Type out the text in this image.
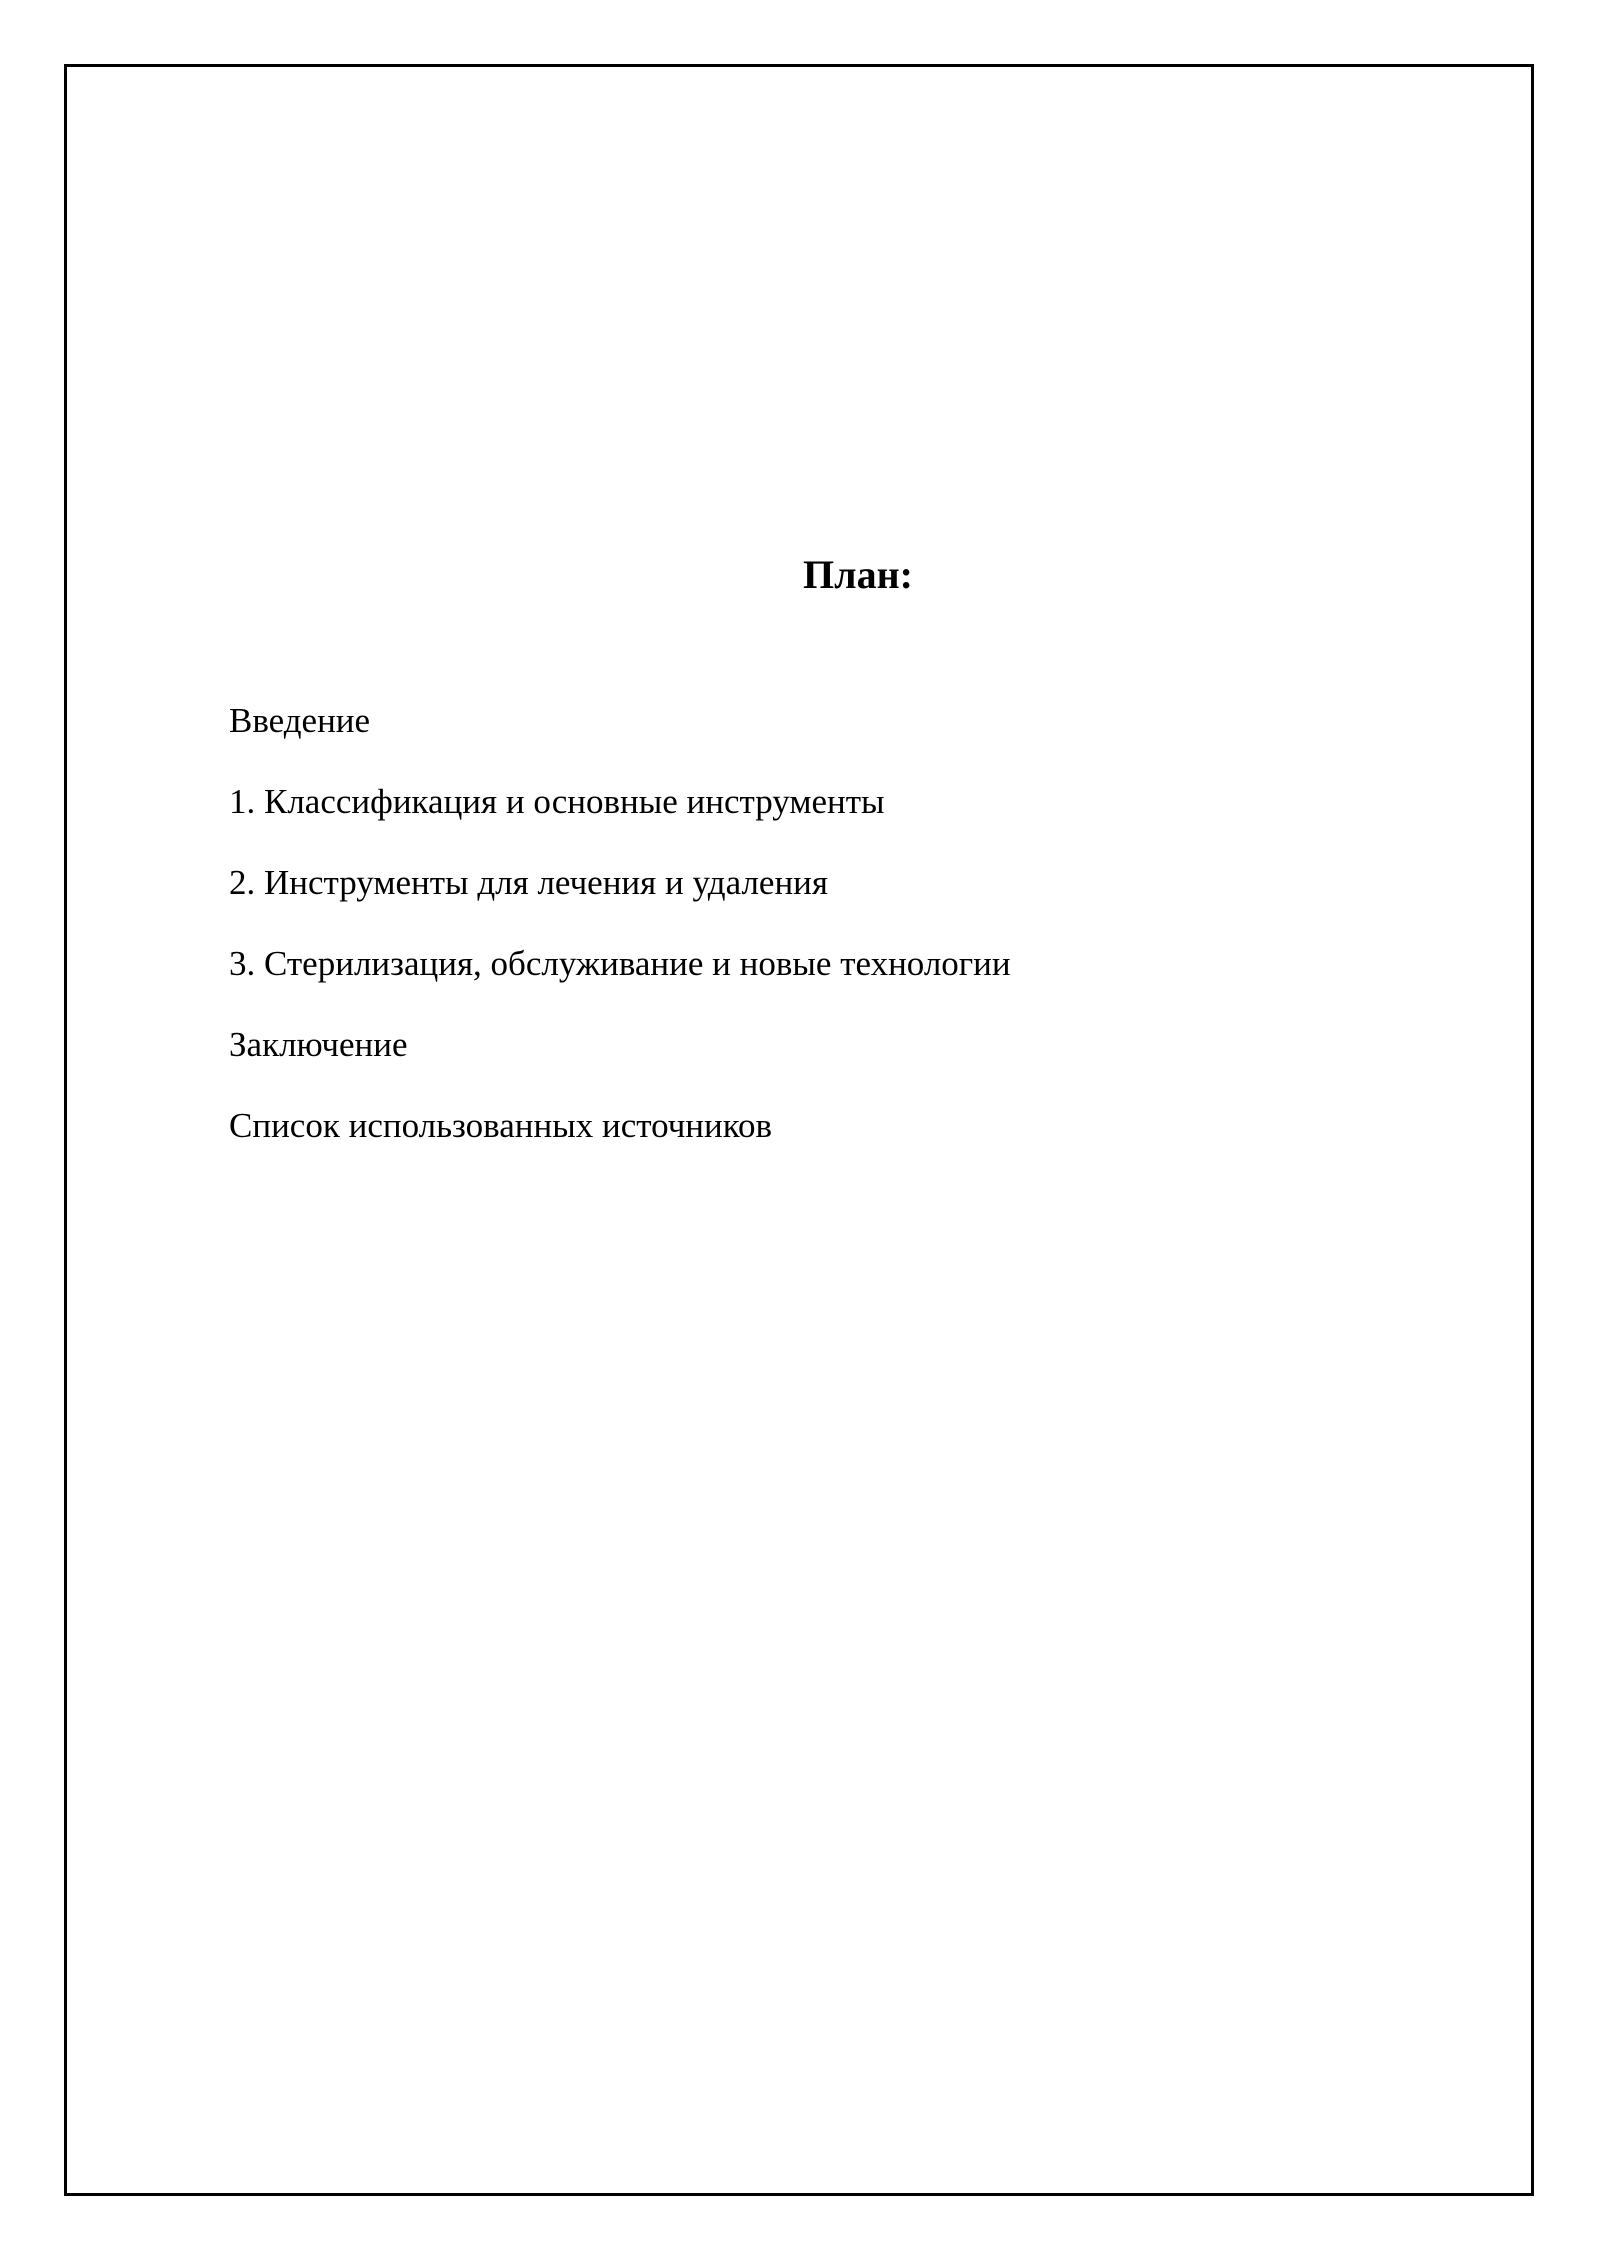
План:
Введение
1. Классификация и основные инструменты
2. Инструменты для лечения и удаления
3. Стерилизация, обслуживание и новые технологии
Заключение
Список использованных источников
